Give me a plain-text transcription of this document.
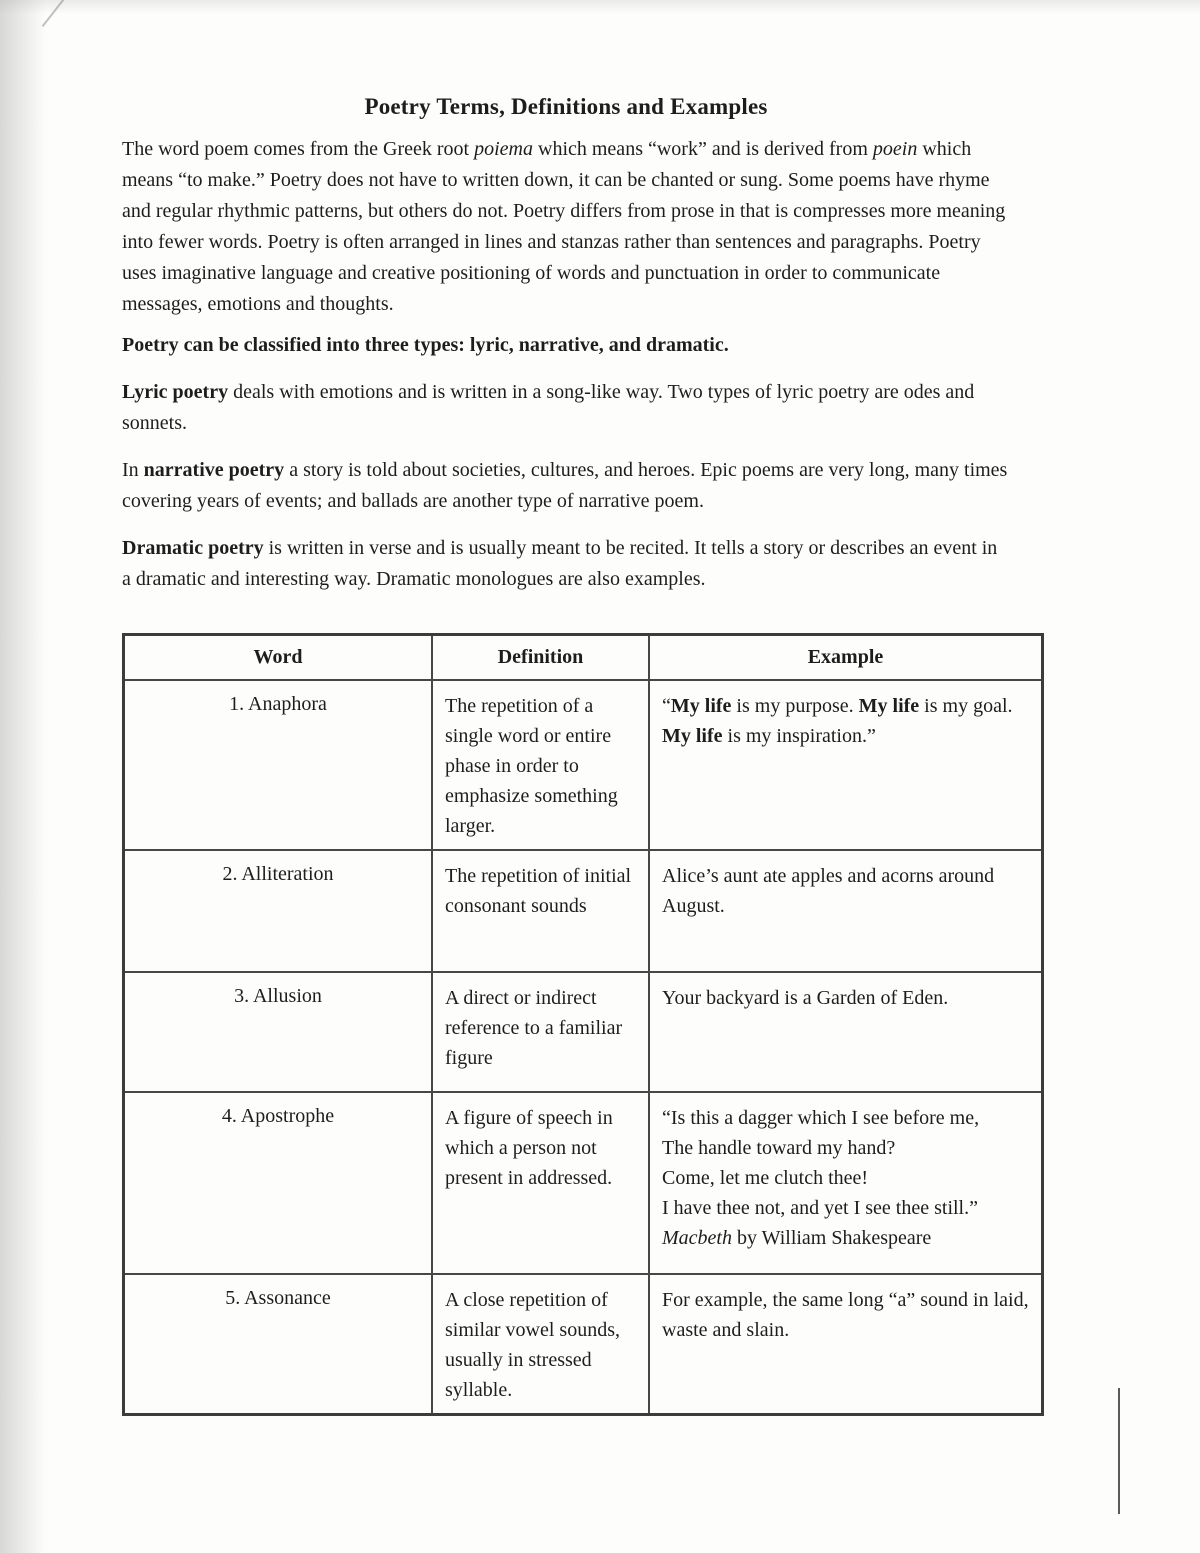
Poetry Terms, Definitions and Examples

The word poem comes from the Greek root poiema which means “work” and is derived from poein which means “to make.” Poetry does not have to written down, it can be chanted or sung. Some poems have rhyme and regular rhythmic patterns, but others do not. Poetry differs from prose in that is compresses more meaning into fewer words. Poetry is often arranged in lines and stanzas rather than sentences and paragraphs. Poetry uses imaginative language and creative positioning of words and punctuation in order to communicate messages, emotions and thoughts.

Poetry can be classified into three types: lyric, narrative, and dramatic.

Lyric poetry deals with emotions and is written in a song-like way. Two types of lyric poetry are odes and sonnets.

In narrative poetry a story is told about societies, cultures, and heroes. Epic poems are very long, many times covering years of events; and ballads are another type of narrative poem.

Dramatic poetry is written in verse and is usually meant to be recited. It tells a story or describes an event in a dramatic and interesting way. Dramatic monologues are also examples.

Word	Definition	Example
1. Anaphora	The repetition of a single word or entire phase in order to emphasize something larger.	“My life is my purpose. My life is my goal. My life is my inspiration.”
2. Alliteration	The repetition of initial consonant sounds	Alice’s aunt ate apples and acorns around August.
3. Allusion	A direct or indirect reference to a familiar figure	Your backyard is a Garden of Eden.
4. Apostrophe	A figure of speech in which a person not present in addressed.	“Is this a dagger which I see before me,
The handle toward my hand?
Come, let me clutch thee!
I have thee not, and yet I see thee still.”
Macbeth by William Shakespeare

5. Assonance	A close repetition of similar vowel sounds, usually in stressed syllable.	For example, the same long “a” sound in laid, waste and slain.
